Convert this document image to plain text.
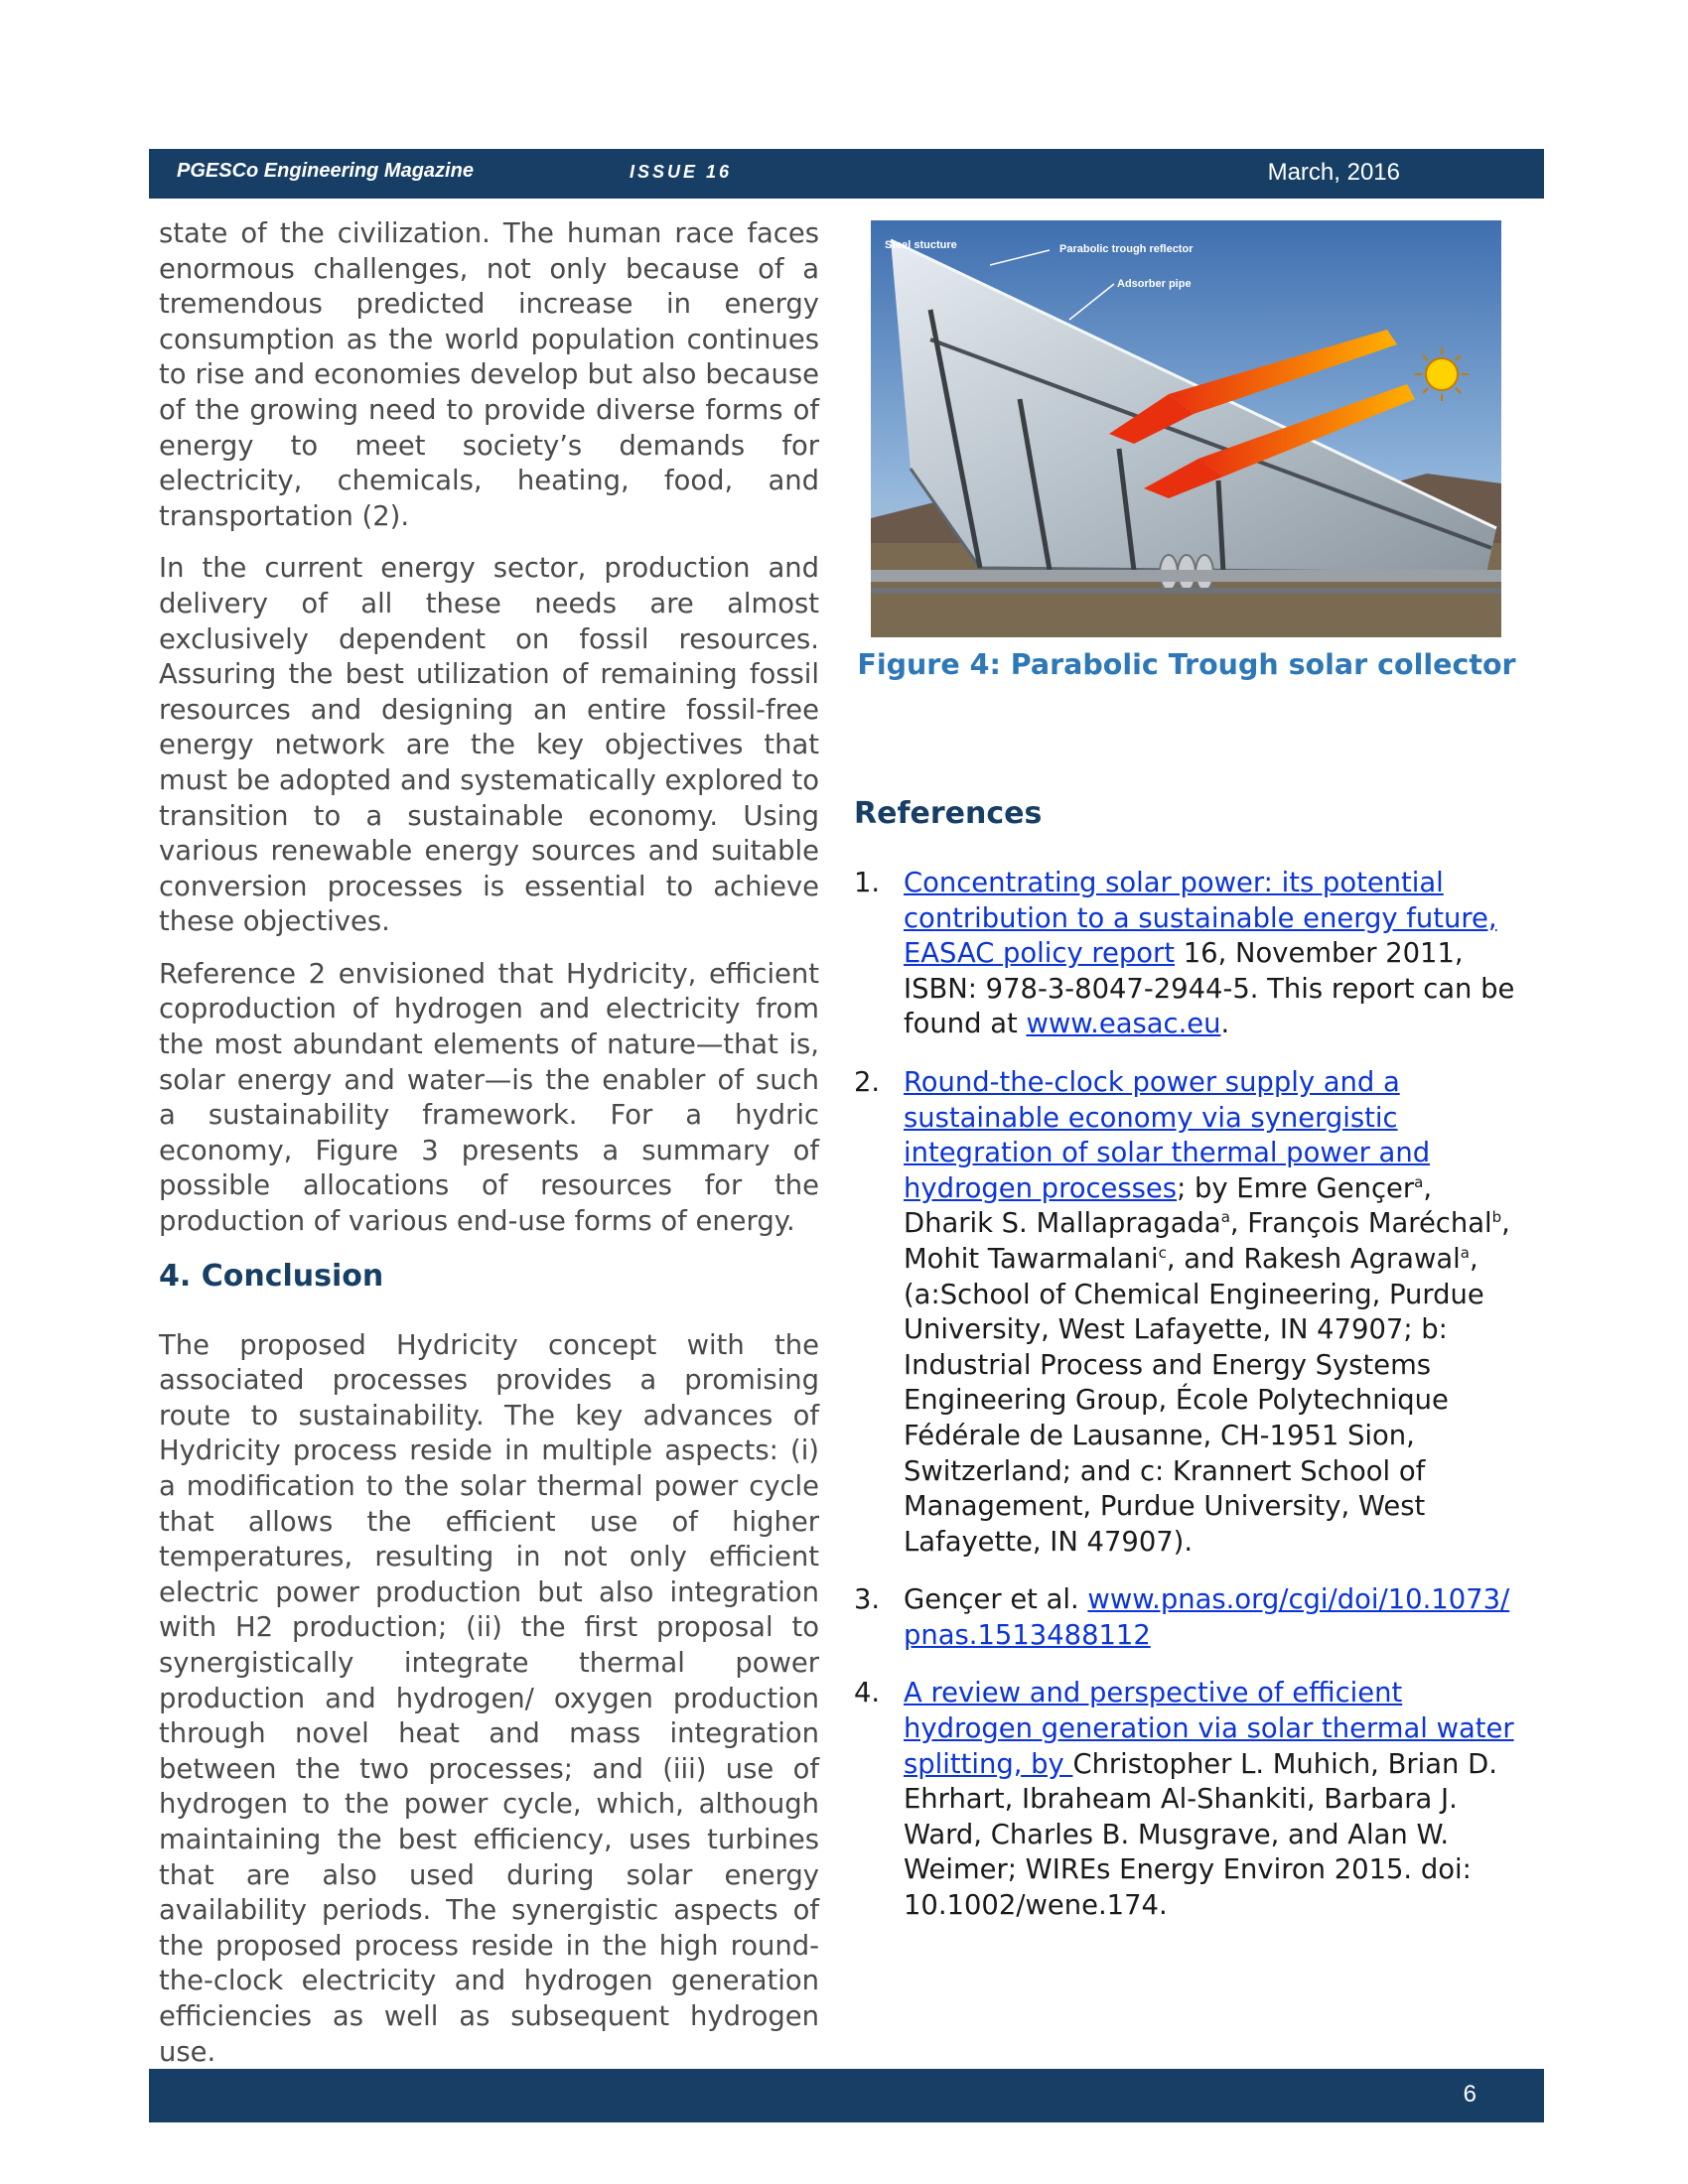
PGESCo Engineering Magazine	ISSUE 16	March, 2016

state of the civilization. The human race faces enormous challenges, not only because of a tremendous predicted increase in energy consumption as the world population continues to rise and economies develop but also because of the growing need to provide diverse forms of energy to meet society’s demands for electricity, chemicals, heating, food, and transportation (2).

In the current energy sector, production and delivery of all these needs are almost exclusively dependent on fossil resources. Assuring the best utilization of remaining fossil resources and designing an entire fossil-free energy network are the key objectives that must be adopted and systematically explored to transition to a sustainable economy. Using various renewable energy sources and suitable conversion processes is essential to achieve these objectives.

Reference 2 envisioned that Hydricity, efficient coproduction of hydrogen and electricity from the most abundant elements of nature—that is, solar energy and water—is the enabler of such a sustainability framework. For a hydric economy, Figure 3 presents a summary of possible allocations of resources for the production of various end-use forms of energy.

4. Conclusion

The proposed Hydricity concept with the associated processes provides a promising route to sustainability. The key advances of Hydricity process reside in multiple aspects: (i) a modification to the solar thermal power cycle that allows the efficient use of higher temperatures, resulting in not only efficient electric power production but also integration with H2 production; (ii) the first proposal to synergistically integrate thermal power production and hydrogen/ oxygen production through novel heat and mass integration between the two processes; and (iii) use of hydrogen to the power cycle, which, although maintaining the best efficiency, uses turbines that are also used during solar energy availability periods. The synergistic aspects of the proposed process reside in the high round-the-clock electricity and hydrogen generation efficiencies as well as subsequent hydrogen use.

Steel stucture	Parabolic trough reflector
Adsorber pipe
Figure 4: Parabolic Trough solar collector
References
1. Concentrating solar power: its potential contribution to a sustainable energy future, EASAC policy report 16, November 2011, ISBN: 978-3-8047-2944-5. This report can be found at www.easac.eu.
2. Round-the-clock power supply and a sustainable economy via synergistic integration of solar thermal power and hydrogen processes; by Emre Gençer$^a$, Dharik S. Mallapragada$^a$, François Maréchal$^b$, Mohit Tawarmalani$^c$, and Rakesh Agrawal$^a$, (a:School of Chemical Engineering, Purdue University, West Lafayette, IN 47907; b: Industrial Process and Energy Systems Engineering Group, École Polytechnique Fédérale de Lausanne, CH-1951 Sion, Switzerland; and c: Krannert School of Management, Purdue University, West Lafayette, IN 47907).
3. Gençer et al. www.pnas.org/cgi/doi/10.1073/ pnas.1513488112
4. A review and perspective of efficient hydrogen generation via solar thermal water splitting, by Christopher L. Muhich, Brian D. Ehrhart, Ibraheam Al-Shankiti, Barbara J. Ward, Charles B. Musgrave, and Alan W. Weimer; WIREs Energy Environ 2015. doi: 10.1002/wene.174.
6
